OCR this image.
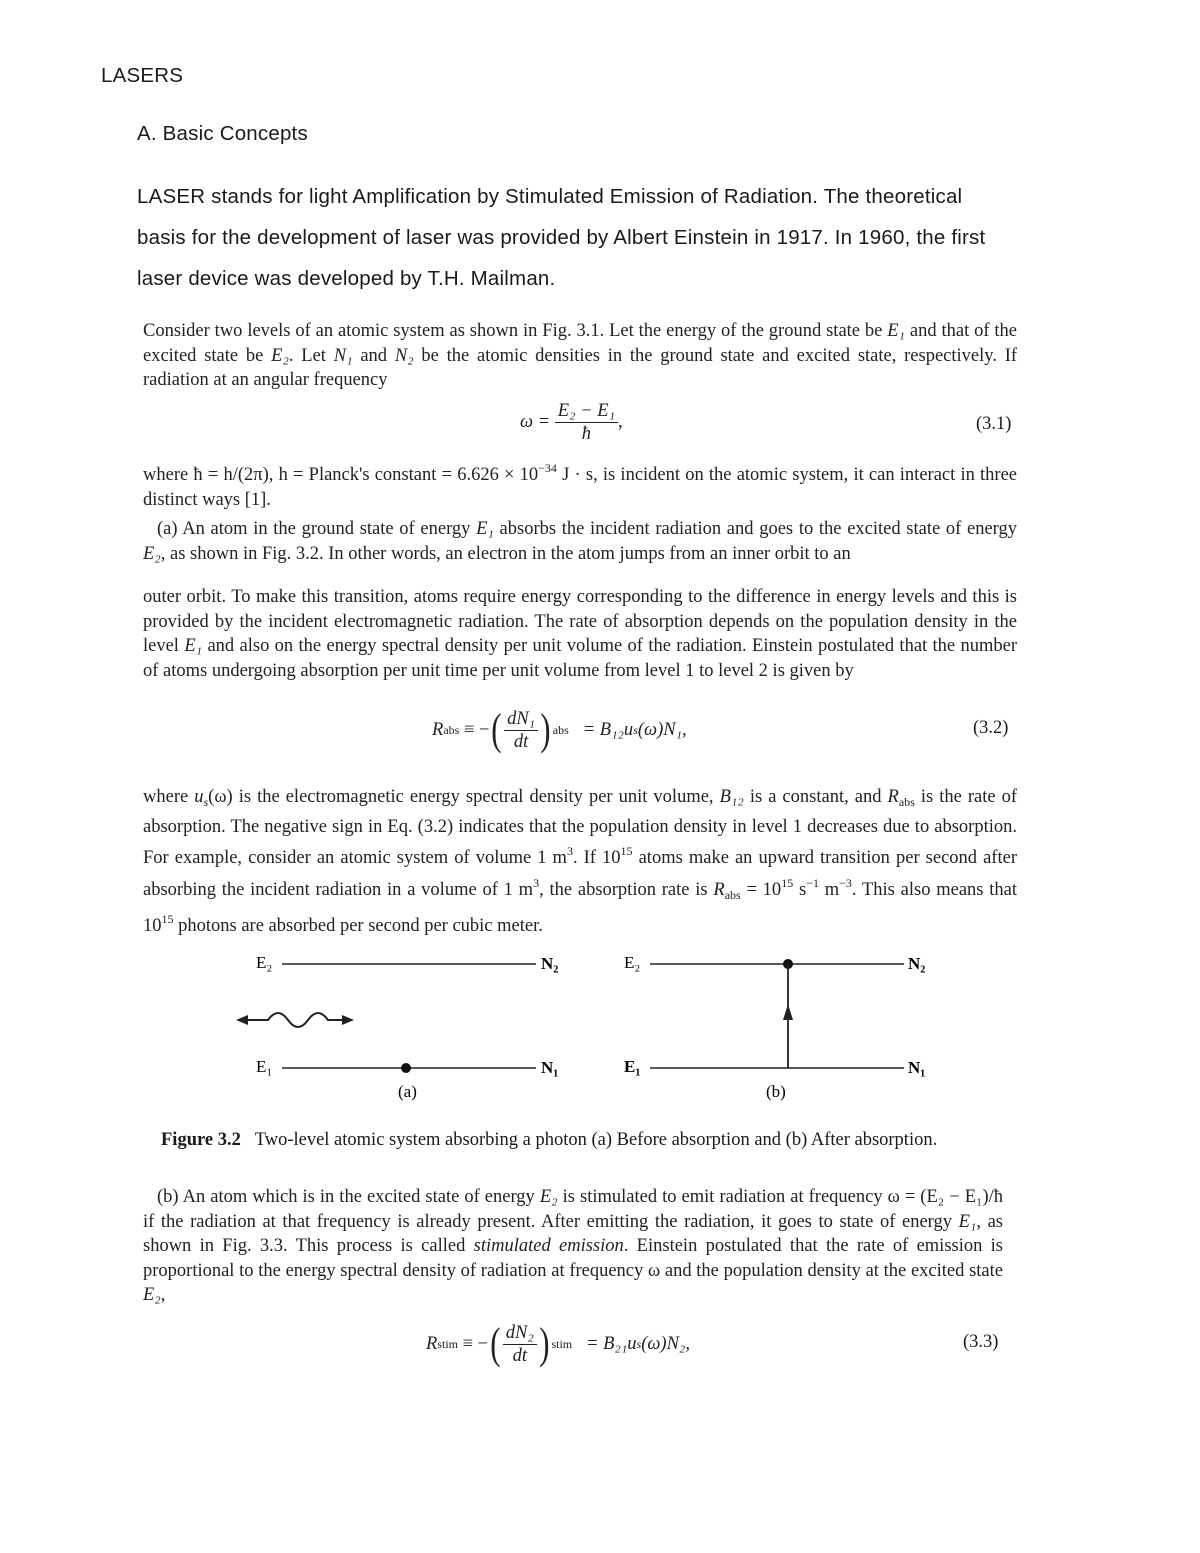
LASERS
A. Basic Concepts
LASER stands for light Amplification by Stimulated Emission of Radiation. The theoretical
basis for the development of laser was provided by Albert Einstein in 1917. In 1960, the first
laser device was developed by T.H. Mailman.
Consider two levels of an atomic system as shown in Fig. 3.1. Let the energy of the ground state be E₁ and that of the excited state be E₂. Let N₁ and N₂ be the atomic densities in the ground state and excited state, respectively. If radiation at an angular frequency
ω =
$\frac{\text{E₂ − E₁}}{ħ}$ ,	(3.1)
where ħ = h/(2π), h = Planck's constant = $6.626 \times 10^{-34}$ J · s, is incident on the atomic system, it can interact in three distinct ways [1].
(a) An atom in the ground state of energy E₁ absorbs the incident radiation and goes to the excited state of energy E₂, as shown in Fig. 3.2. In other words, an electron in the atom jumps from an inner orbit to an
outer orbit. To make this transition, atoms require energy corresponding to the difference in energy levels and this is provided by the incident electromagnetic radiation. The rate of absorption depends on the population density in the level E₁ and also on the energy spectral density per unit volume of the radiation. Einstein postulated that the number of atoms undergoing absorption per unit time per unit volume from level 1 to level 2 is given by
R abs
≡ − ( $\frac{\text{dN₁}}{dt}$ ) abs
= B₁₂u s (ω)N₁,	(3.2)
where $u_s(\omega)$ is the electromagnetic energy spectral density per unit volume, B₁₂ is a constant, and $R_{abs}$ is the rate of absorption. The negative sign in Eq. (3.2) indicates that the population density in level 1 decreases due to absorption. For example, consider an atomic system of volume 1 $m^3$. If $10^{15}$ atoms make an upward transition per second after absorbing the incident radiation in a volume of 1 $m^3$, the absorption rate is $R_{abs} = 10^{15}$ $s^{-1}$ $m^{-3}$. This also means that $10^{15}$ photons are absorbed per second per cubic meter.
E₂	N₂
E₁	N₁
(a)
E₂	N₂
E₁	N₁
(b)
Figure 3.2 Two-level atomic system absorbing a photon (a) Before absorption and (b) After absorption.
(b) An atom which is in the excited state of energy E₂ is stimulated to emit radiation at frequency ω = (E₂ − E₁)/ħ if the radiation at that frequency is already present. After emitting the radiation, it goes to state of energy E₁, as shown in Fig. 3.3. This process is called stimulated emission. Einstein postulated that the rate of emission is proportional to the energy spectral density of radiation at frequency ω and the population density at the excited state E₂,
R stim
≡ − ( $\frac{\text{dN₂}}{dt}$ ) stim
= B₂₁u s (ω)N₂,	(3.3)
